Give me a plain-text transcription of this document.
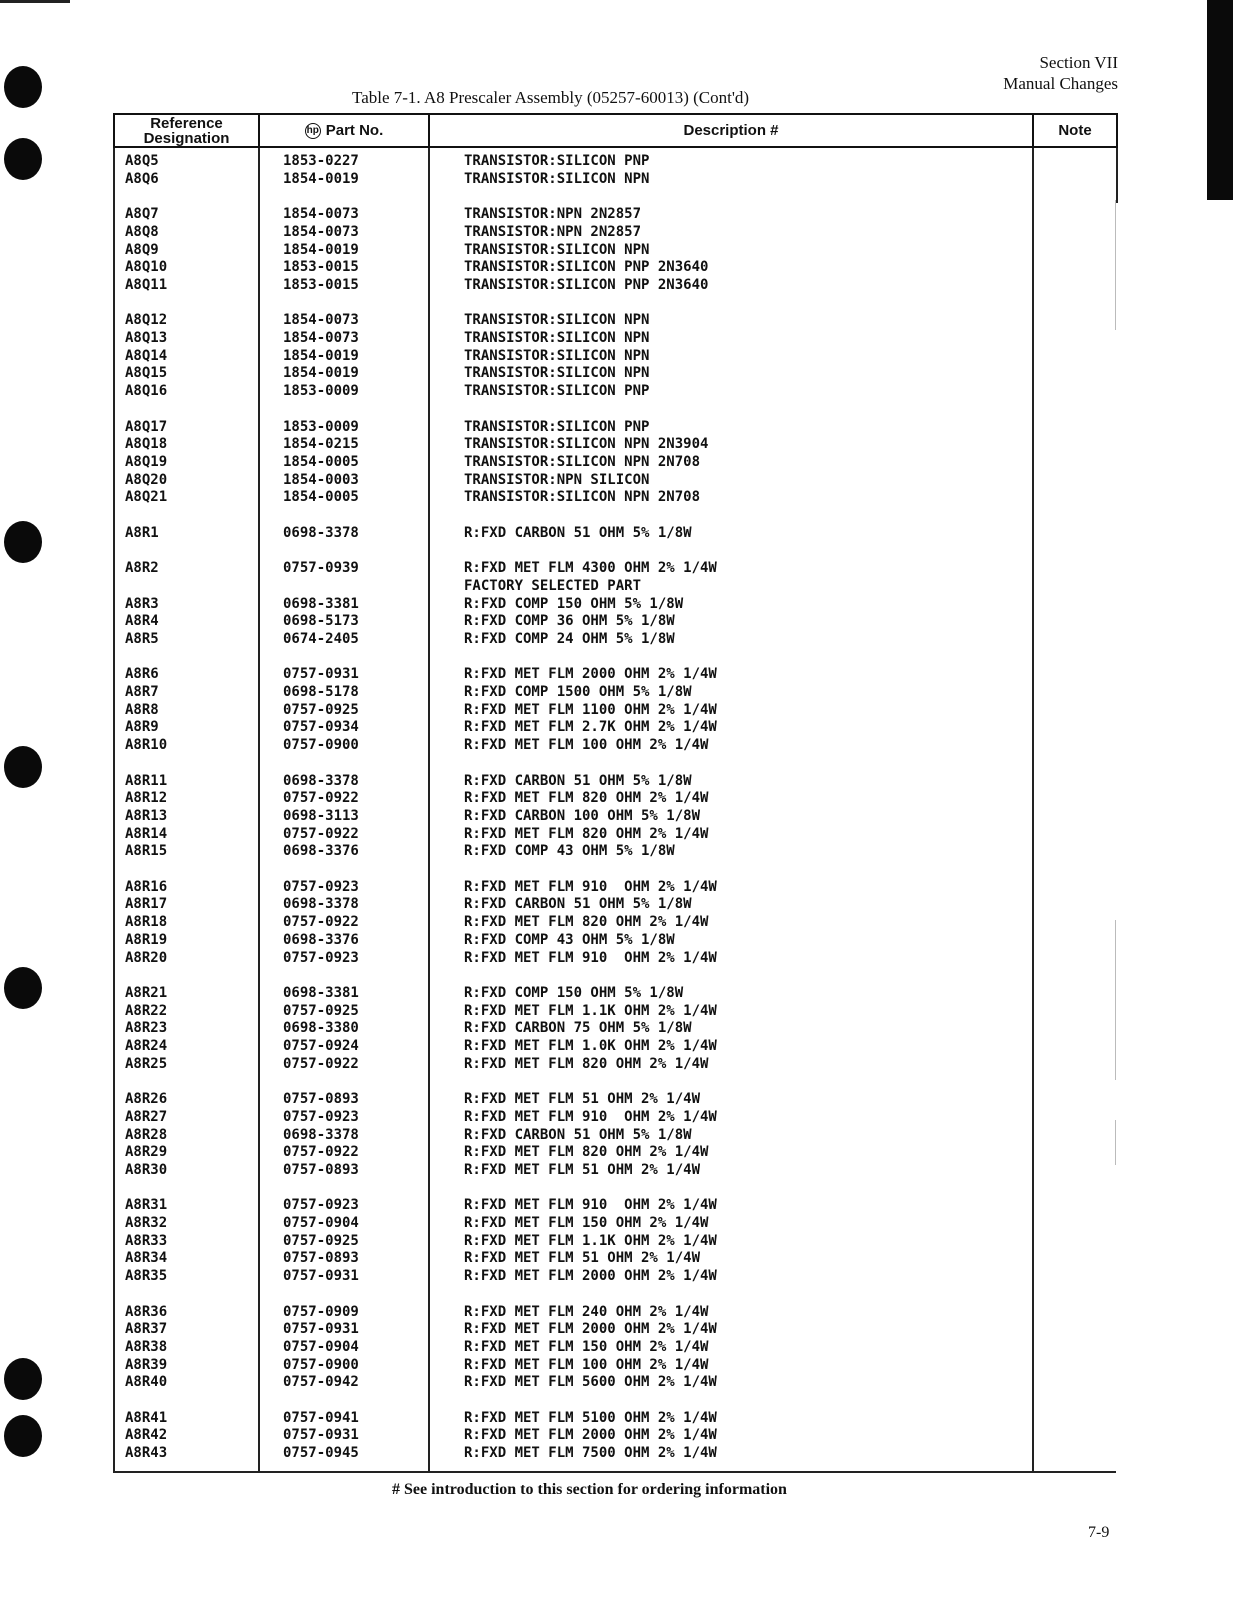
Section VII
Manual Changes
Table 7-1. A8 Prescaler Assembly (05257-60013) (Cont'd)
Reference Designation	hp Part No.	Description #	Note
A8Q5	1853-0227	TRANSISTOR:SILICON PNP
A8Q6	1854-0019	TRANSISTOR:SILICON NPN
A8Q7	1854-0073	TRANSISTOR:NPN 2N2857
A8Q8	1854-0073	TRANSISTOR:NPN 2N2857
A8Q9	1854-0019	TRANSISTOR:SILICON NPN
A8Q10	1853-0015	TRANSISTOR:SILICON PNP 2N3640
A8Q11	1853-0015	TRANSISTOR:SILICON PNP 2N3640
A8Q12	1854-0073	TRANSISTOR:SILICON NPN
A8Q13	1854-0073	TRANSISTOR:SILICON NPN
A8Q14	1854-0019	TRANSISTOR:SILICON NPN
A8Q15	1854-0019	TRANSISTOR:SILICON NPN
A8Q16	1853-0009	TRANSISTOR:SILICON PNP
A8Q17	1853-0009	TRANSISTOR:SILICON PNP
A8Q18	1854-0215	TRANSISTOR:SILICON NPN 2N3904
A8Q19	1854-0005	TRANSISTOR:SILICON NPN 2N708
A8Q20	1854-0003	TRANSISTOR:NPN SILICON
A8Q21	1854-0005	TRANSISTOR:SILICON NPN 2N708
A8R1	0698-3378	R:FXD CARBON 51 OHM 5% 1/8W
A8R2	0757-0939	R:FXD MET FLM 4300 OHM 2% 1/4W
FACTORY SELECTED PART
A8R3	0698-3381	R:FXD COMP 150 OHM 5% 1/8W
A8R4	0698-5173	R:FXD COMP 36 OHM 5% 1/8W
A8R5	0674-2405	R:FXD COMP 24 OHM 5% 1/8W
A8R6	0757-0931	R:FXD MET FLM 2000 OHM 2% 1/4W
A8R7	0698-5178	R:FXD COMP 1500 OHM 5% 1/8W
A8R8	0757-0925	R:FXD MET FLM 1100 OHM 2% 1/4W
A8R9	0757-0934	R:FXD MET FLM 2.7K OHM 2% 1/4W
A8R10	0757-0900	R:FXD MET FLM 100 OHM 2% 1/4W
A8R11	0698-3378	R:FXD CARBON 51 OHM 5% 1/8W
A8R12	0757-0922	R:FXD MET FLM 820 OHM 2% 1/4W
A8R13	0698-3113	R:FXD CARBON 100 OHM 5% 1/8W
A8R14	0757-0922	R:FXD MET FLM 820 OHM 2% 1/4W
A8R15	0698-3376	R:FXD COMP 43 OHM 5% 1/8W
A8R16	0757-0923	R:FXD MET FLM 910  OHM 2% 1/4W
A8R17	0698-3378	R:FXD CARBON 51 OHM 5% 1/8W
A8R18	0757-0922	R:FXD MET FLM 820 OHM 2% 1/4W
A8R19	0698-3376	R:FXD COMP 43 OHM 5% 1/8W
A8R20	0757-0923	R:FXD MET FLM 910  OHM 2% 1/4W
A8R21	0698-3381	R:FXD COMP 150 OHM 5% 1/8W
A8R22	0757-0925	R:FXD MET FLM 1.1K OHM 2% 1/4W
A8R23	0698-3380	R:FXD CARBON 75 OHM 5% 1/8W
A8R24	0757-0924	R:FXD MET FLM 1.0K OHM 2% 1/4W
A8R25	0757-0922	R:FXD MET FLM 820 OHM 2% 1/4W
A8R26	0757-0893	R:FXD MET FLM 51 OHM 2% 1/4W
A8R27	0757-0923	R:FXD MET FLM 910  OHM 2% 1/4W
A8R28	0698-3378	R:FXD CARBON 51 OHM 5% 1/8W
A8R29	0757-0922	R:FXD MET FLM 820 OHM 2% 1/4W
A8R30	0757-0893	R:FXD MET FLM 51 OHM 2% 1/4W
A8R31	0757-0923	R:FXD MET FLM 910  OHM 2% 1/4W
A8R32	0757-0904	R:FXD MET FLM 150 OHM 2% 1/4W
A8R33	0757-0925	R:FXD MET FLM 1.1K OHM 2% 1/4W
A8R34	0757-0893	R:FXD MET FLM 51 OHM 2% 1/4W
A8R35	0757-0931	R:FXD MET FLM 2000 OHM 2% 1/4W
A8R36	0757-0909	R:FXD MET FLM 240 OHM 2% 1/4W
A8R37	0757-0931	R:FXD MET FLM 2000 OHM 2% 1/4W
A8R38	0757-0904	R:FXD MET FLM 150 OHM 2% 1/4W
A8R39	0757-0900	R:FXD MET FLM 100 OHM 2% 1/4W
A8R40	0757-0942	R:FXD MET FLM 5600 OHM 2% 1/4W
A8R41	0757-0941	R:FXD MET FLM 5100 OHM 2% 1/4W
A8R42	0757-0931	R:FXD MET FLM 2000 OHM 2% 1/4W
A8R43	0757-0945	R:FXD MET FLM 7500 OHM 2% 1/4W
# See introduction to this section for ordering information
7-9
